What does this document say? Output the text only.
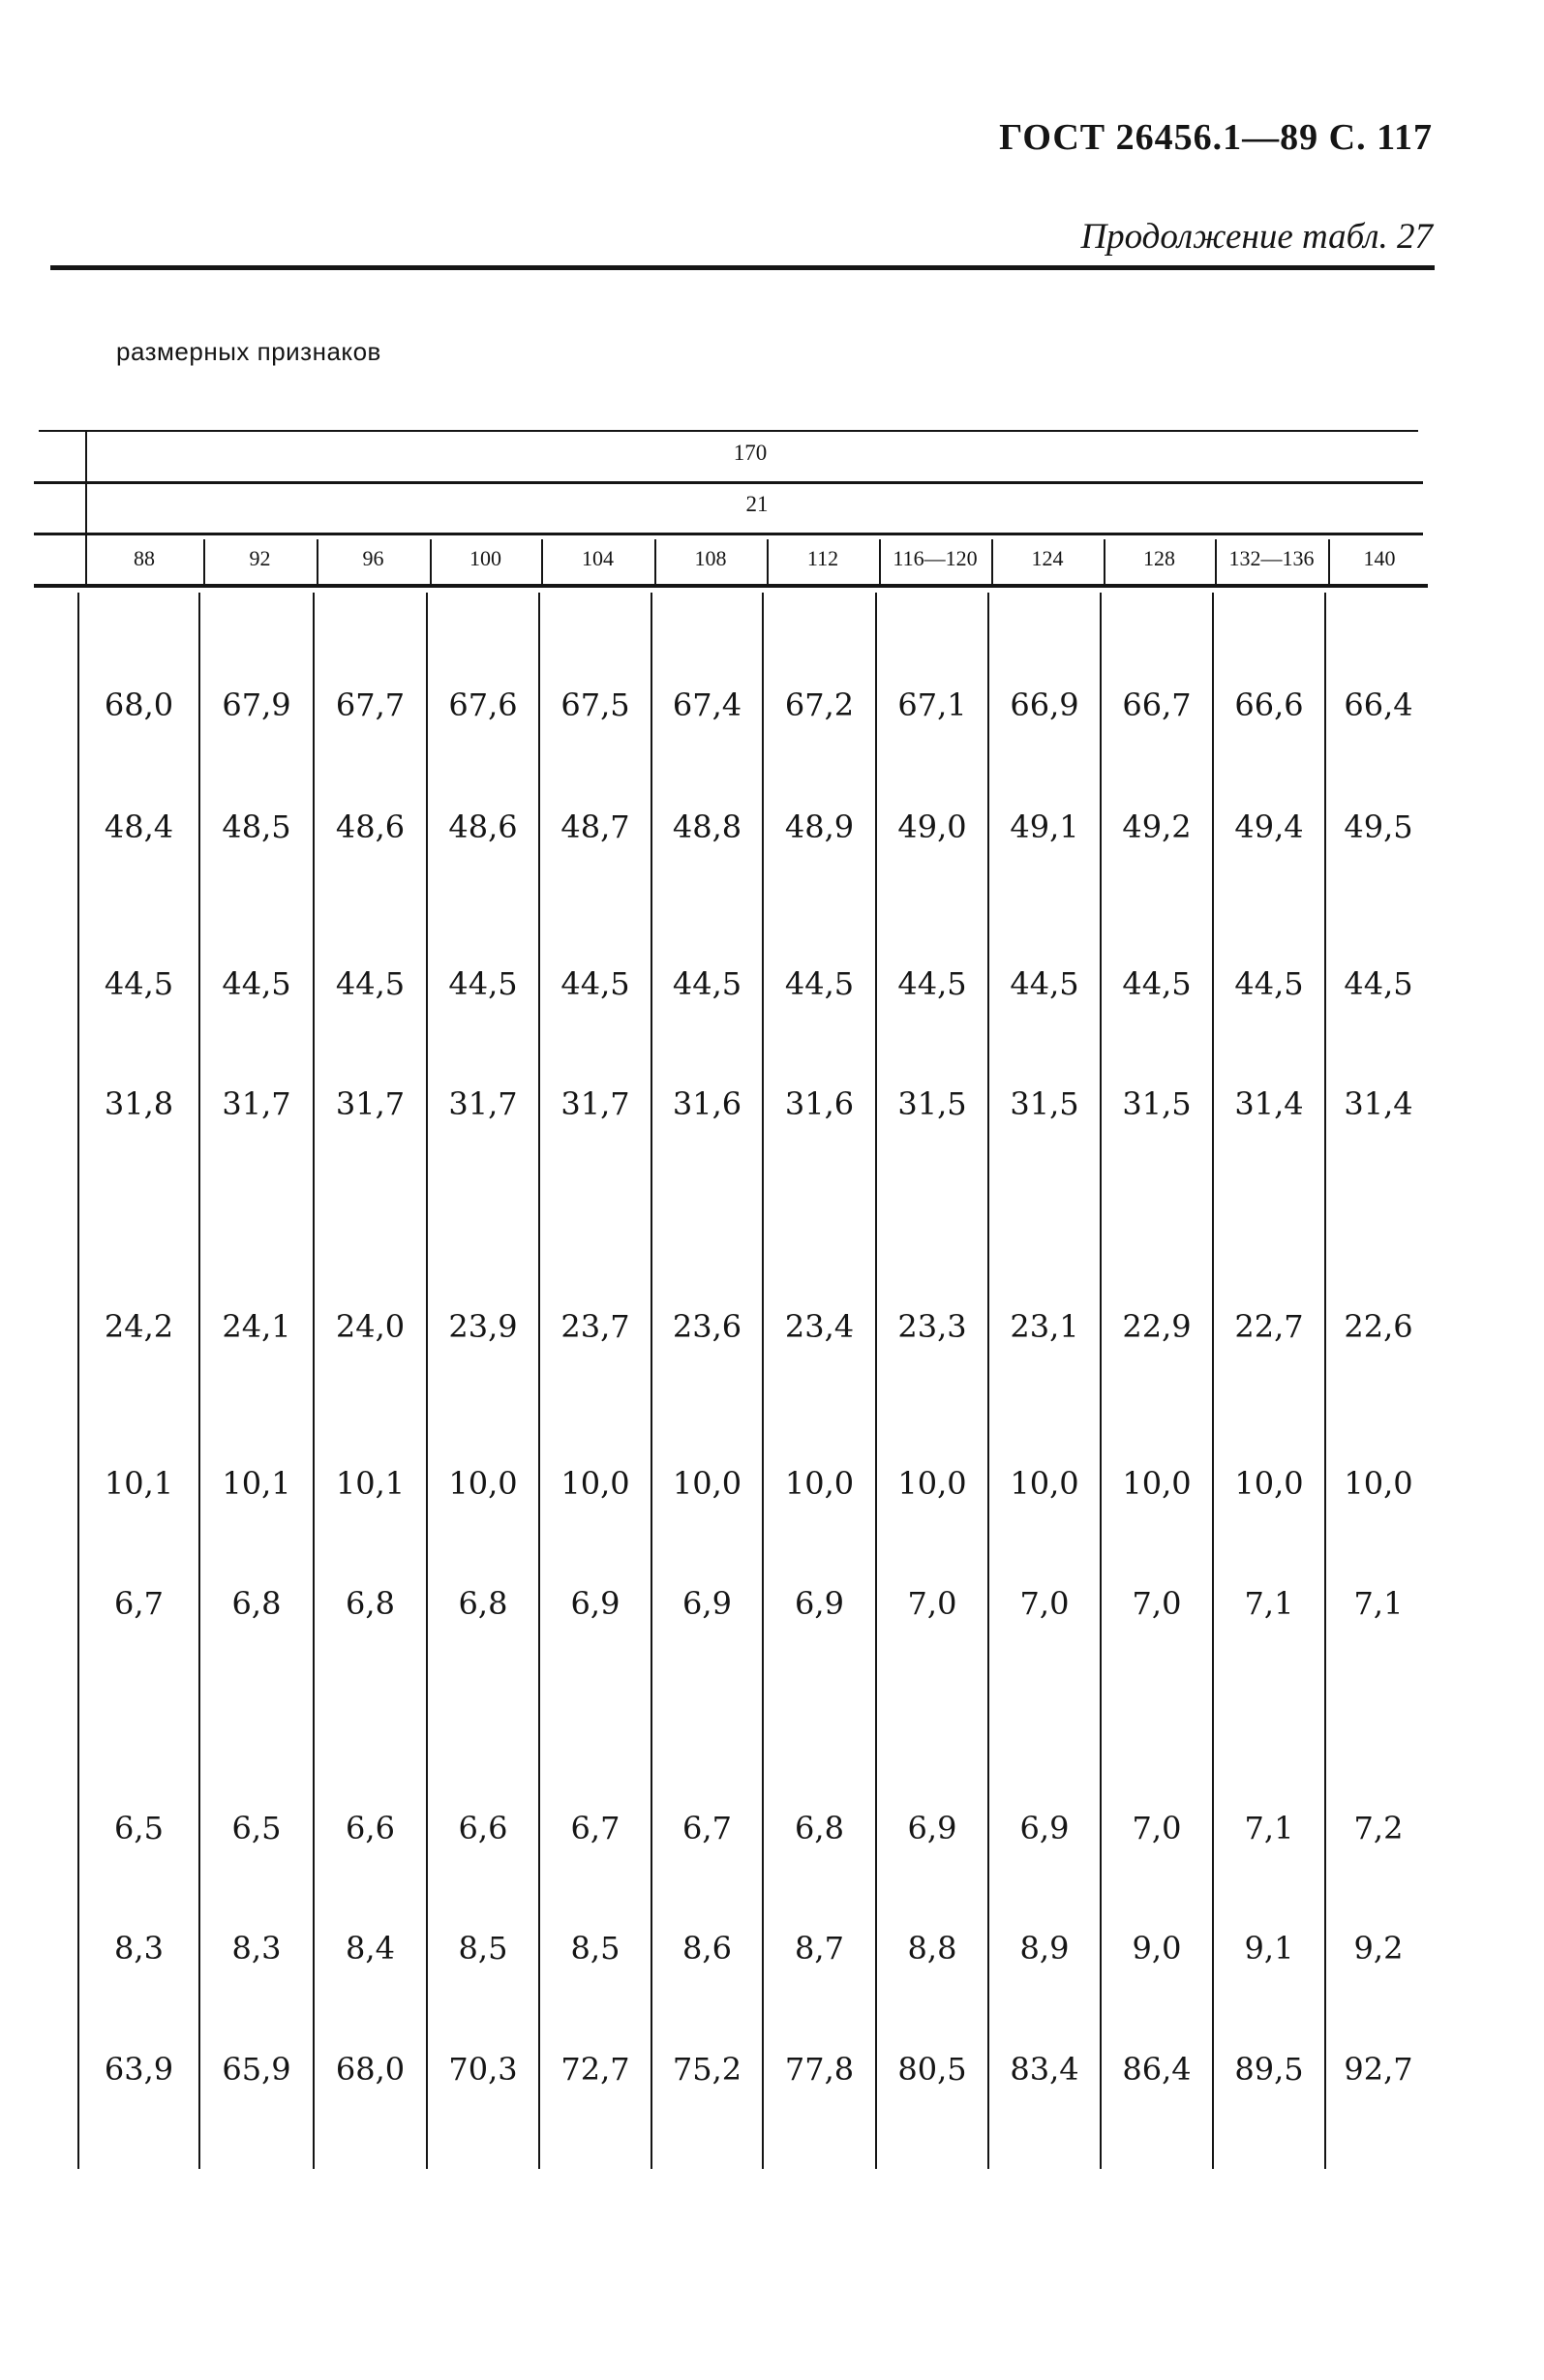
ГОСТ 26456.1—89 С. 117
Продолжение табл. 27
размерных признаков
170
21
88	92	96	100	104	108	112	116—120	124	128	132—136	140
68,0	67,9	67,7	67,6	67,5	67,4	67,2	67,1	66,9	66,7	66,6	66,4
48,4	48,5	48,6	48,6	48,7	48,8	48,9	49,0	49,1	49,2	49,4	49,5
44,5	44,5	44,5	44,5	44,5	44,5	44,5	44,5	44,5	44,5	44,5	44,5
31,8	31,7	31,7	31,7	31,7	31,6	31,6	31,5	31,5	31,5	31,4	31,4
24,2	24,1	24,0	23,9	23,7	23,6	23,4	23,3	23,1	22,9	22,7	22,6
10,1	10,1	10,1	10,0	10,0	10,0	10,0	10,0	10,0	10,0	10,0	10,0
6,7	6,8	6,8	6,8	6,9	6,9	6,9	7,0	7,0	7,0	7,1	7,1
6,5	6,5	6,6	6,6	6,7	6,7	6,8	6,9	6,9	7,0	7,1	7,2
8,3	8,3	8,4	8,5	8,5	8,6	8,7	8,8	8,9	9,0	9,1	9,2
63,9	65,9	68,0	70,3	72,7	75,2	77,8	80,5	83,4	86,4	89,5	92,7
